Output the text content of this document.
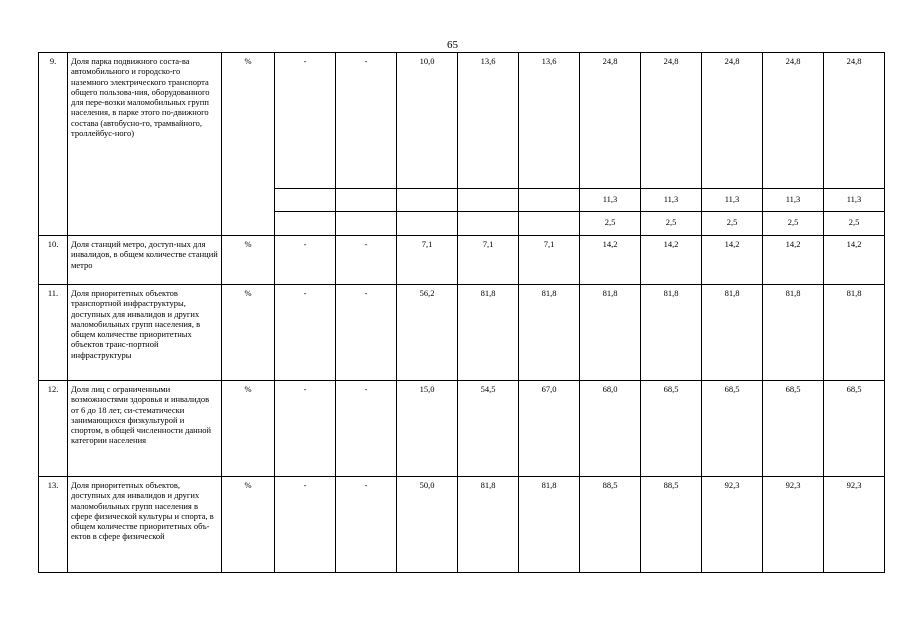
65
9.	Доля парка подвижного соста-ва автомобильного и городско-го наземного электрического транспорта общего пользова-ния, оборудованного для пере-возки маломобильных групп населения, в парке этого по-движного состава (автобусно-го, трамвайного, троллейбус-ного)	%	-	-	10,0	13,6	13,6	24,8	24,8	24,8	24,8	24,8
								11,3	11,3	11,3	11,3	11,3
								2,5	2,5	2,5	2,5	2,5
10.	Доля станций метро, доступ-ных для инвалидов, в общем количестве станций метро	%	-	-	7,1	7,1	7,1	14,2	14,2	14,2	14,2	14,2
11.	Доля приоритетных объектов транспортной инфраструктуры, доступных для инвалидов и других маломобильных групп населения, в общем количестве приоритетных объектов транс-портной инфраструктуры	%	-	-	56,2	81,8	81,8	81,8	81,8	81,8	81,8	81,8
12.	Доля лиц с ограниченными возможностями здоровья и инвалидов от 6 до 18 лет, си-стематически занимающихся физкультурой и спортом, в общей численности данной категории населения	%	-	-	15,0	54,5	67,0	68,0	68,5	68,5	68,5	68,5
13.	Доля приоритетных объектов, доступных для инвалидов и других маломобильных групп населения в сфере физической культуры и спорта, в общем количестве приоритетных объ-ектов в сфере физической	%	-	-	50,0	81,8	81,8	88,5	88,5	92,3	92,3	92,3
